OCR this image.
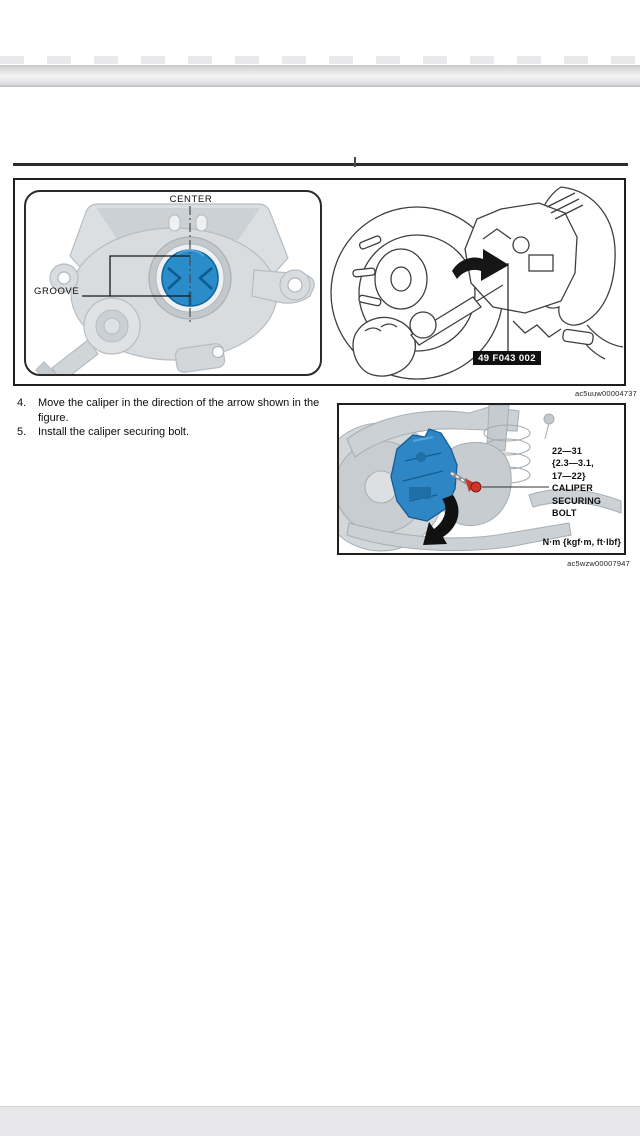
CENTER
GROOVE
49 F043 002
ac5uuw00004737
4.	Move the caliper in the direction of the arrow shown in the figure.
5.	Install the caliper securing bolt.
22—31
{2.3—3.1,
17—22}
CALIPER
SECURING
BOLT
N·m {kgf·m, ft·lbf}
ac5wzw00007947
